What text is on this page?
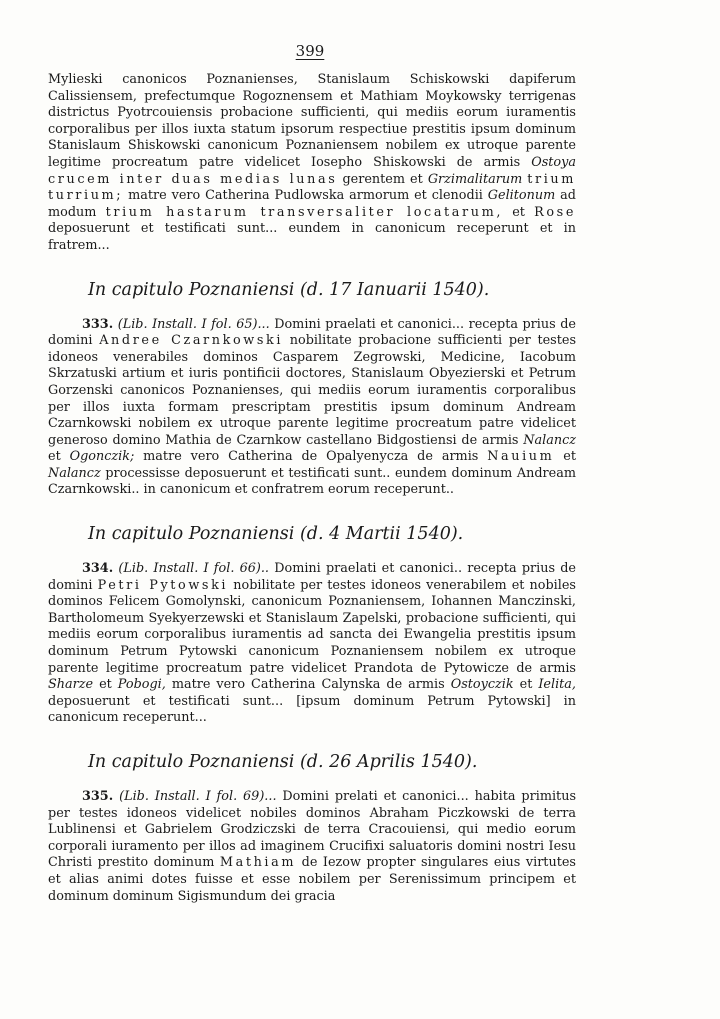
399

Mylieski canonicos Poznanienses, Stanislaum Schiskowski dapiferum Calissiensem, prefectumque Rogoznensem et Mathiam Moykowsky terrigenas districtus Pyotrcouiensis probacione sufficienti, qui mediis eorum iuramentis corporalibus per illos iuxta statum ipsorum respectiue prestitis ipsum dominum Stanislaum Shiskowski canonicum Poznaniensem nobilem ex utroque parente legitime procreatum patre videlicet Iosepho Shiskowski de armis Ostoya crucem inter duas medias lunas gerentem et Grzimalitarum trium turrium; matre vero Catherina Pudlowska armorum et clenodii Gelitonum ad modum trium hastarum transversaliter locatarum, et Rose deposuerunt et testificati sunt... eundem in canonicum receperunt et in fratrem...

In capitulo Poznaniensi (d. 17 Ianuarii 1540).

333. (Lib. Install. I fol. 65)... Domini praelati et canonici... recepta prius de domini Andree Czarnkowski nobilitate probacione sufficienti per testes idoneos venerabiles dominos Casparem Zegrowski, Medicine, Iacobum Skrzatuski artium et iuris pontificii doctores, Stanislaum Obyezierski et Petrum Gorzenski canonicos Poznanienses, qui mediis eorum iuramentis corporalibus per illos iuxta formam prescriptam prestitis ipsum dominum Andream Czarnkowski nobilem ex utroque parente legitime procreatum patre videlicet generoso domino Mathia de Czarnkow castellano Bidgostiensi de armis Nalancz et Ogonczik; matre vero Catherina de Opalyenycza de armis Nauium et Nalancz processisse deposuerunt et testificati sunt.. eundem dominum Andream Czarnkowski.. in canonicum et confratrem eorum receperunt..

In capitulo Poznaniensi (d. 4 Martii 1540).

334. (Lib. Install. I fol. 66).. Domini praelati et canonici.. recepta prius de domini Petri Pytowski nobilitate per testes idoneos venerabilem et nobiles dominos Felicem Gomolynski, canonicum Poznaniensem, Iohannen Manczinski, Bartholomeum Syekyerzewski et Stanislaum Zapelski, probacione sufficienti, qui mediis eorum corporalibus iuramentis ad sancta dei Ewangelia prestitis ipsum dominum Petrum Pytowski canonicum Poznaniensem nobilem ex utroque parente legitime procreatum patre videlicet Prandota de Pytowicze de armis Sharze et Pobogi, matre vero Catherina Calynska de armis Ostoyczik et Ielita, deposuerunt et testificati sunt... [ipsum dominum Petrum Pytowski] in canonicum receperunt...

In capitulo Poznaniensi (d. 26 Aprilis 1540).

335. (Lib. Install. I fol. 69)... Domini prelati et canonici... habita primitus per testes idoneos videlicet nobiles dominos Abraham Piczkowski de terra Lublinensi et Gabrielem Grodziczski de terra Cracouiensi, qui medio eorum corporali iuramento per illos ad imaginem Crucifixi saluatoris domini nostri Iesu Christi prestito dominum Mathiam de Iezow propter singulares eius virtutes et alias animi dotes fuisse et esse nobilem per Serenissimum principem et dominum dominum Sigismundum dei gracia
